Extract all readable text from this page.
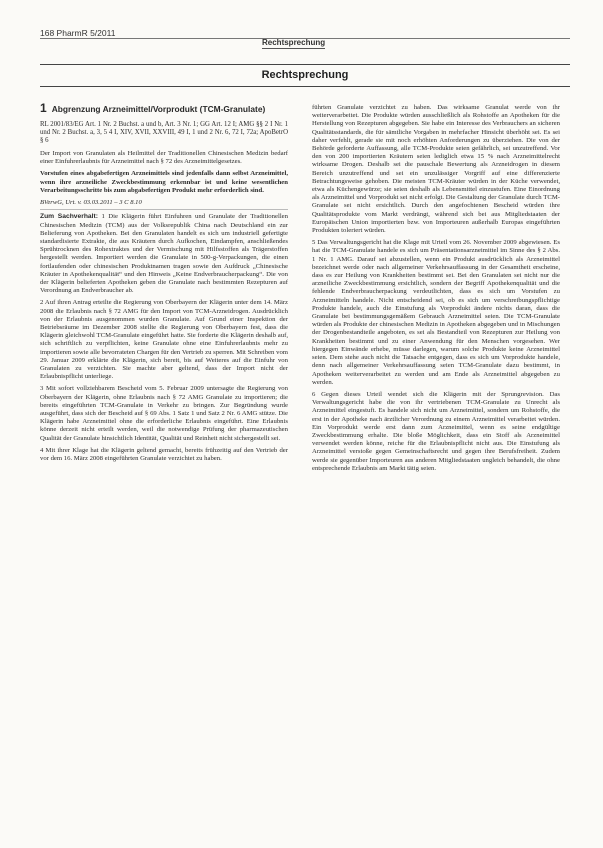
168 PharmR 5/2011
Rechtsprechung
Rechtsprechung
1 Abgrenzung Arzneimittel/Vorprodukt (TCM-Granulate)
RL 2001/83/EG Art. 1 Nr. 2 Buchst. a und b, Art. 3 Nr. 1; GG Art. 12 I; AMG §§ 2 I Nr. 1 und Nr. 2 Buchst. a, 3, 5 4 I, XIV, XVII, XXVIII, 49 I, 1 und 2 Nr. 6, 72 I, 72a; ApoBetrO § 6

Der Import von Granulaten als Heilmittel der Traditionellen Chinesischen Medizin bedarf einer Einfuhrerlaubnis für Arzneimittel nach § 72 des Arzneimittelgesetzes.

Vorstufen eines abgabefertigen Arzneimittels sind jedenfalls dann selbst Arzneimittel, wenn ihre arzneiliche Zweckbestimmung erkennbar ist und keine wesentlichen Verarbeitungsschritte bis zum abgabefertigen Produkt mehr erforderlich sind.
BVerwG, Urt. v. 03.03.2011 – 3 C 8.10

Zum Sachverhalt: 1 Die Klägerin führt Einfuhren und Granulate der Traditionellen Chinesischen Medizin (TCM) aus der Volksrepublik China nach Deutschland ein zur Belieferung von Apotheken. Bei den Granulaten handelt es sich um industriell gefertigte standardisierte Extrakte, die aus Kräutern durch Aufkochen, Eindampfen, anschließendes Sprühtrocknen des Rohextraktes und der Vermischung mit Hilfsstoffen als Trägerstoffen hergestellt werden. Importiert werden die Granulate in 500-g-Verpackungen, die einen fortlaufenden oder chinesischen Produktnamen tragen sowie den Aufdruck „Chinesische Kräuter in Apothekenqualität“ und den Hinweis „Keine Endverbraucherpackung“. Die von der Klägerin belieferten Apotheken geben die Granulate nach bestimmten Rezepturen auf Verordnung an Endverbraucher ab.

2 Auf ihren Antrag erteilte die Regierung von Oberbayern der Klägerin unter dem 14. März 2008 die Erlaubnis nach § 72 AMG für den Import von TCM-Arzneidrogen. Ausdrücklich von der Erlaubnis ausgenommen wurden Granulate. Auf Grund einer Inspektion der Betriebsräume im Dezember 2008 stellte die Regierung von Oberbayern fest, dass die Klägerin gleichwohl TCM-Granulate eingeführt hatte. Sie forderte die Klägerin deshalb auf, sich schriftlich zu verpflichten, keine Granulate ohne eine Einfuhrerlaubnis mehr zu importieren sowie alle bevorrateten Chargen für den Vertrieb zu sperren. Mit Schreiben vom 29. Januar 2009 erklärte die Klägerin, sich bereit, bis auf Weiteres auf die Einfuhr von Granulaten zu verzichten. Sie machte aber geltend, dass der Import nicht der Erlaubnispflicht unterliege.

3 Mit sofort vollziehbarem Bescheid vom 5. Februar 2009 untersagte die Regierung von Oberbayern der Klägerin, ohne Erlaubnis nach § 72 AMG Granulate zu importieren; die bereits eingeführten TCM-Granulate in Verkehr zu bringen. Zur Begründung wurde ausgeführt, dass sich der Bescheid auf § 69 Abs. 1 Satz 1 und Satz 2 Nr. 6 AMG stütze. Die Klägerin habe Arzneimittel ohne die erforderliche Erlaubnis eingeführt. Eine Erlaubnis könne derzeit nicht erteilt werden, weil die notwendige Prüfung der pharmazeutischen Qualität der Granulate hinsichtlich Identität, Qualität und Reinheit nicht sichergestellt sei.

4 Mit ihrer Klage hat die Klägerin geltend gemacht, bereits frühzeitig auf den Vertrieb der vor dem 16. März 2008 eingeführten Granulate verzichtet zu haben.

führten Granulate verzichtet zu haben. Das wirksame Granulat werde von ihr weiterverarbeitet. Die Produkte würden ausschließlich als Rohstoffe an Apotheken für die Herstellung von Rezepturen abgegeben. Sie habe ein Interesse des Verbrauchers an sicheren Qualitätsstandards, die für sämtliche Vorgaben in mehrfacher Hinsicht überhöht sei. Es sei daher verfehlt, gerade sie mit noch erhöhten Anforderungen zu überziehen. Die von der Behörde geforderte Auffassung, alle TCM-Produkte seien gefährlich, sei unzutreffend. Vor den von 200 importierten Kräutern seien lediglich etwa 15 % nach Arzneimittelrecht wirksame Drogen. Deshalb sei die pauschale Bewertung als Arzneidrogen in diesem Bereich unzutreffend und sei ein unzulässiger Vorgriff auf eine differenzierte Betrachtungsweise gehoben. Die meisten TCM-Kräuter würden in der Küche verwendet, etwa als Küchengewürze; sie seien deshalb als Lebensmittel einzustufen. Eine Einordnung als Arzneimittel und Vorprodukt sei nicht erfolgt. Die Gestaltung der Granulate durch TCM-Granulate sei nicht ersichtlich. Durch den angefochtenen Bescheid würden ihre Qualitätsprodukte vom Markt verdrängt, während sich bei aus Mitgliedstaaten der Europäischen Union importierten bzw. von Importeuren außerhalb Europas eingeführten Produkten toleriert würden.

5 Das Verwaltungsgericht hat die Klage mit Urteil vom 26. November 2009 abgewiesen. Es hat die TCM-Granulate handele es sich um Präsentationsarzneimittel im Sinne des § 2 Abs. 1 Nr. 1 AMG. Darauf sei abzustellen, wenn ein Produkt ausdrücklich als Arzneimittel bezeichnet werde oder nach allgemeiner Verkehrsauffassung in der Gesamtheit erscheine, dass es zur Heilung von Krankheiten bestimmt sei. Bei den Granulaten sei nicht nur die arzneiliche Zweckbestimmung ersichtlich, sondern der Begriff Apothekenqualität und die fehlende Endverbraucherpackung verdeutlichten, dass es sich um Vorstufen zu Arzneimitteln handele. Nicht entscheidend sei, ob es sich um verschreibungspflichtige Produkte handele, auch die Einstufung als Vorprodukt ändere nichts daran, dass die Granulate bei bestimmungsgemäßem Gebrauch Arzneimittel seien. Die TCM-Granulate würden als Produkte der chinesischen Medizin in Apotheken abgegeben und in Mischungen der Drogenbestandteile angeboten, es sei als Bestandteil von Rezepturen zur Heilung von Krankheiten bestimmt und zu einer Anwendung für den Menschen vorgesehen. Wer hiergegen Einwände erhebe, müsse darlegen, warum solche Produkte keine Arzneimittel seien. Dem stehe auch nicht die Tatsache entgegen, dass es sich um Vorprodukte handele, denn nach allgemeiner Verkehrsauffassung seien TCM-Granulate dazu bestimmt, in Apotheken weiterverarbeitet zu werden und am Ende als Arzneimittel abgegeben zu werden.

6 Gegen dieses Urteil wendet sich die Klägerin mit der Sprungrevision. Das Verwaltungsgericht habe die von ihr vertriebenen TCM-Granulate zu Unrecht als Arzneimittel eingestuft. Es handele sich nicht um Arzneimittel, sondern um Rohstoffe, die erst in der Apotheke nach ärztlicher Verordnung zu einem Arzneimittel verarbeitet würden. Ein Vorprodukt werde erst dann zum Arzneimittel, wenn es seine endgültige Zweckbestimmung erhalte. Die bloße Möglichkeit, dass ein Stoff als Arzneimittel verwendet werden könne, reiche für die Erlaubnispflicht nicht aus. Die Einstufung als Arzneimittel verstoße gegen Gemeinschaftsrecht und gegen ihre Berufsfreiheit. Zudem werde sie gegenüber Importeuren aus anderen Mitgliedstaaten ungleich behandelt, die ohne entsprechende Erlaubnis am Markt tätig seien.
